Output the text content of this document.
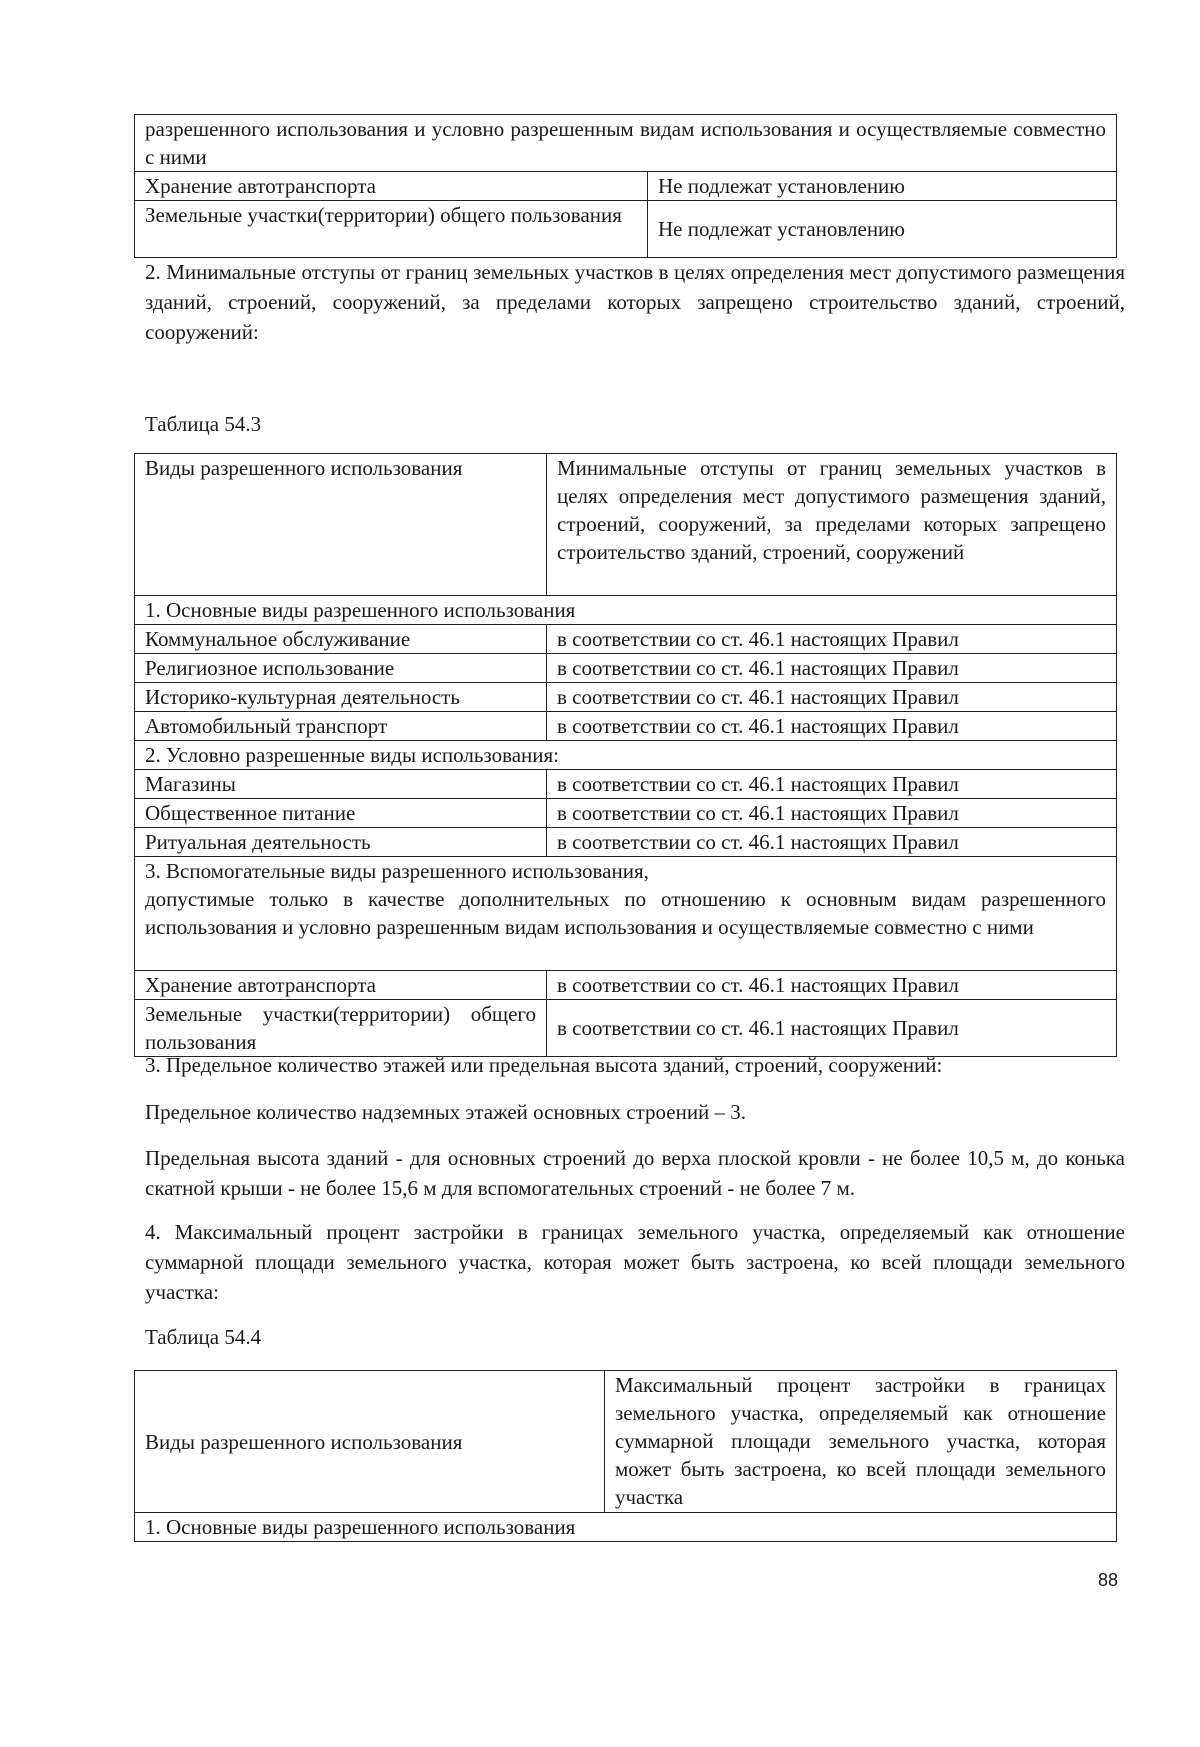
разрешенного использования и условно разрешенным видам использования и осуществляемые совместно с ними	
Хранение автотранспорта	Не подлежат установлению
Земельные участки(территории) общего пользования	Не подлежат установлению
2. Минимальные отступы от границ земельных участков в целях определения мест допустимого размещения зданий, строений, сооружений, за пределами которых запрещено строительство зданий, строений, сооружений:
Таблица 54.3
Виды разрешенного использования	Минимальные отступы от границ земельных участков в целях определения мест допустимого размещения зданий, строений, сооружений, за пределами которых запрещено строительство зданий, строений, сооружений
1. Основные виды разрешенного использования	
Коммунальное обслуживание	в соответствии со ст. 46.1 настоящих Правил
Религиозное использование	в соответствии со ст. 46.1 настоящих Правил
Историко-культурная деятельность	в соответствии со ст. 46.1 настоящих Правил
Автомобильный транспорт	в соответствии со ст. 46.1 настоящих Правил
2. Условно разрешенные виды использования:	
Магазины	в соответствии со ст. 46.1 настоящих Правил
Общественное питание	в соответствии со ст. 46.1 настоящих Правил
Ритуальная деятельность	в соответствии со ст. 46.1 настоящих Правил

3. Вспомогательные виды разрешенного использования,
допустимые только в качестве дополнительных по отношению к основным видам разрешенного использования и условно разрешенным видам использования и осуществляемые совместно с ними	

Хранение автотранспорта	в соответствии со ст. 46.1 настоящих Правил
Земельные участки(территории) общего пользования	в соответствии со ст. 46.1 настоящих Правил
3. Предельное количество этажей или предельная высота зданий, строений, сооружений:
Предельное количество надземных этажей основных строений – 3.
Предельная высота зданий - для основных строений до верха плоской кровли - не более 10,5 м, до конька скатной крыши - не более 15,6 м для вспомогательных строений - не более 7 м.
4. Максимальный процент застройки в границах земельного участка, определяемый как отношение суммарной площади земельного участка, которая может быть застроена, ко всей площади земельного участка:
Таблица 54.4
Виды разрешенного использования	Максимальный процент застройки в границах земельного участка, определяемый как отношение суммарной площади земельного участка, которая может быть застроена, ко всей площади земельного участка
1. Основные виды разрешенного использования
88
